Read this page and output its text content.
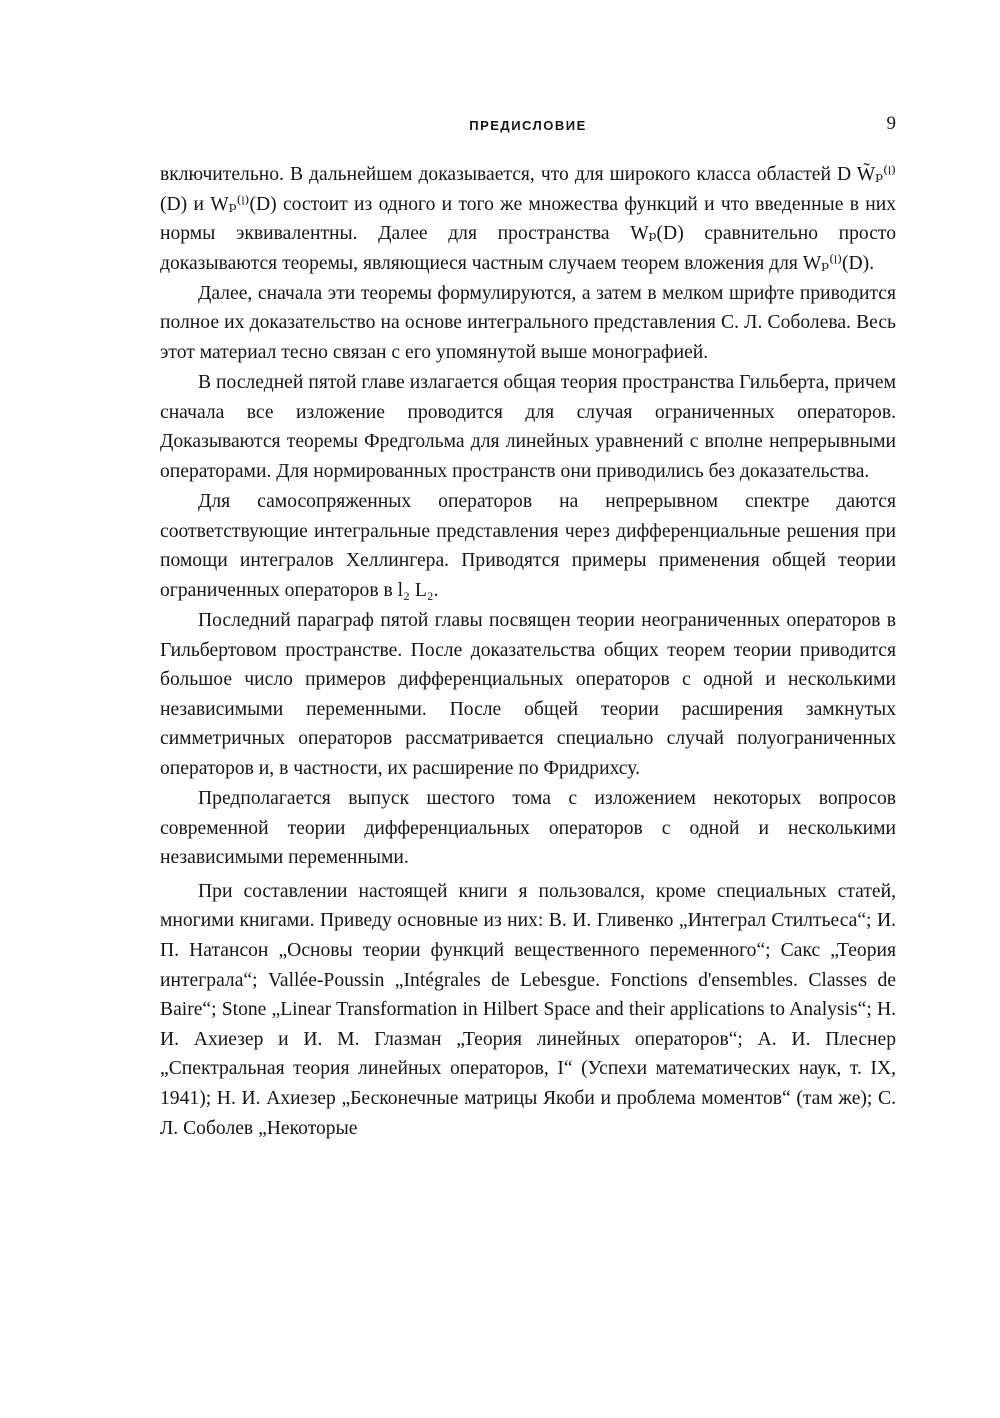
ПРЕДИСЛОВИЕ	9

включительно. В дальнейшем доказывается, что для широкого класса областей D W̃ₚ⁽ˡ⁾(D) и Wₚ⁽ˡ⁾(D) состоит из одного и того же множества функций и что введенные в них нормы эквивалентны. Далее для пространства Wₚ(D) сравнительно просто доказываются теоремы, являющиеся частным случаем теорем вложения для Wₚ⁽ˡ⁾(D).

Далее, сначала эти теоремы формулируются, а затем в мелком шрифте приводится полное их доказательство на основе интегрального представления С. Л. Соболева. Весь этот материал тесно связан с его упомянутой выше монографией.

В последней пятой главе излагается общая теория пространства Гильберта, причем сначала все изложение проводится для случая ограниченных операторов. Доказываются теоремы Фредгольма для линейных уравнений с вполне непрерывными операторами. Для нормированных пространств они приводились без доказательства.

Для самосопряженных операторов на непрерывном спектре даются соответствующие интегральные представления через дифференциальные решения при помощи интегралов Хеллингера. Приводятся примеры применения общей теории ограниченных операторов в l₂ L₂.

Последний параграф пятой главы посвящен теории неограниченных операторов в Гильбертовом пространстве. После доказательства общих теорем теории приводится большое число примеров дифференциальных операторов с одной и несколькими независимыми переменными. После общей теории расширения замкнутых симметричных операторов рассматривается специально случай полуограниченных операторов и, в частности, их расширение по Фридрихсу.

Предполагается выпуск шестого тома с изложением некоторых вопросов современной теории дифференциальных операторов с одной и несколькими независимыми переменными.

При составлении настоящей книги я пользовался, кроме специальных статей, многими книгами. Приведу основные из них: В. И. Гливенко „Интеграл Стилтьеса“; И. П. Натансон „Основы теории функций вещественного переменного“; Сакс „Теория интеграла“; Vallée-Poussin „Intégrales de Lebesgue. Fonctions d'ensembles. Classes de Baire“; Stone „Linear Transformation in Hilbert Space and their applications to Analysis“; Н. И. Ахиезер и И. М. Глазман „Теория линейных операторов“; А. И. Плеснер „Спектральная теория линейных операторов, I“ (Успехи математических наук, т. IX, 1941); Н. И. Ахиезер „Бесконечные матрицы Якоби и проблема моментов“ (там же); С. Л. Соболев „Некоторые
